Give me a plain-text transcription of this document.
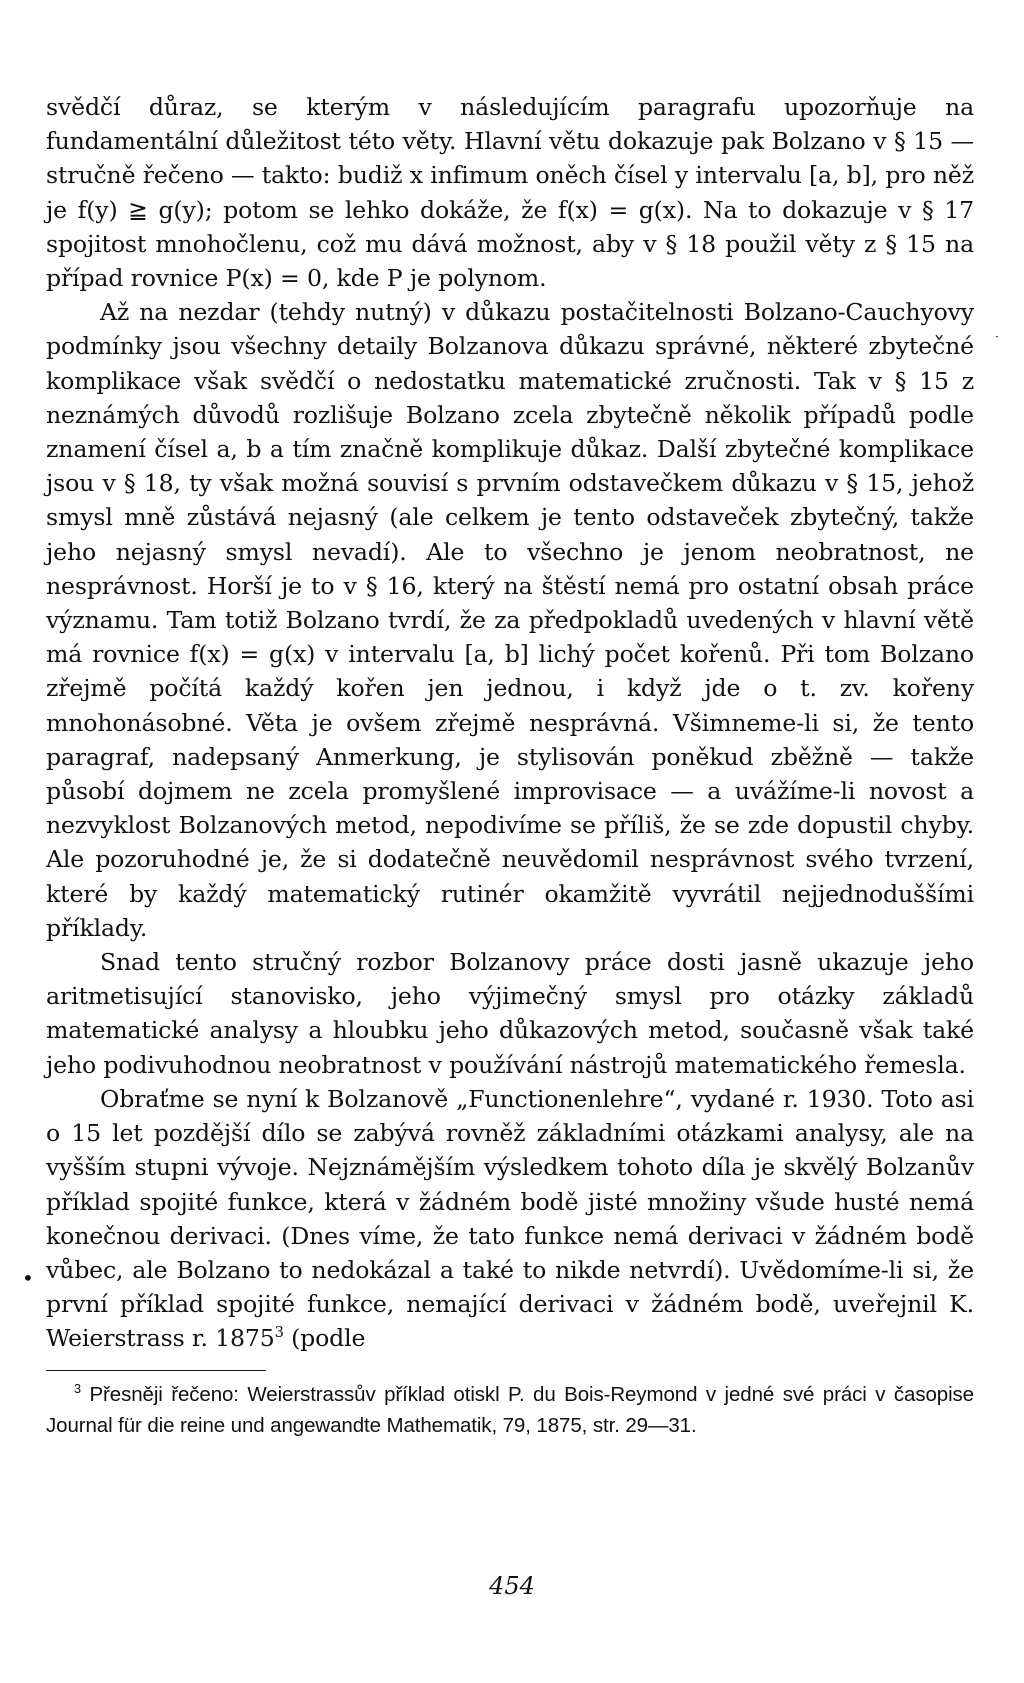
svědčí důraz, se kterým v následujícím paragrafu upozorňuje na fundamentální důležitost této věty. Hlavní větu dokazuje pak Bolzano v § 15 — stručně řečeno — takto: budiž x infimum oněch čísel y intervalu [a, b], pro něž je f(y) ≧ g(y); potom se lehko dokáže, že f(x) = g(x). Na to dokazuje v § 17 spojitost mnohočlenu, což mu dává možnost, aby v § 18 použil věty z § 15 na případ rovnice P(x) = 0, kde P je polynom.

Až na nezdar (tehdy nutný) v důkazu postačitelnosti Bolzano-Cauchyovy podmínky jsou všechny detaily Bolzanova důkazu správné, některé zbytečné komplikace však svědčí o nedostatku matematické zručnosti. Tak v § 15 z neznámých důvodů rozlišuje Bolzano zcela zbytečně několik případů podle znamení čísel a, b a tím značně komplikuje důkaz. Další zbytečné komplikace jsou v § 18, ty však možná souvisí s prvním odstavečkem důkazu v § 15, jehož smysl mně zůstává nejasný (ale celkem je tento odstaveček zbytečný, takže jeho nejasný smysl nevadí). Ale to všechno je jenom neobratnost, ne nesprávnost. Horší je to v § 16, který na štěstí nemá pro ostatní obsah práce významu. Tam totiž Bolzano tvrdí, že za předpokladů uvedených v hlavní větě má rovnice f(x) = g(x) v intervalu [a, b] lichý počet kořenů. Při tom Bolzano zřejmě počítá každý kořen jen jednou, i když jde o t. zv. kořeny mnohonásobné. Věta je ovšem zřejmě nesprávná. Všimneme-li si, že tento paragraf, nadepsaný Anmerkung, je stylisován poněkud zběžně — takže působí dojmem ne zcela promyšlené improvisace — a uvážíme-li novost a nezvyklost Bolzanových metod, nepodivíme se příliš, že se zde dopustil chyby. Ale pozoruhodné je, že si dodatečně neuvědomil nesprávnost svého tvrzení, které by každý matematický rutinér okamžitě vyvrátil nejjednoduššími příklady.

Snad tento stručný rozbor Bolzanovy práce dosti jasně ukazuje jeho aritmetisující stanovisko, jeho výjimečný smysl pro otázky základů matematické analysy a hloubku jeho důkazových metod, současně však také jeho podivuhodnou neobratnost v používání nástrojů matematického řemesla.

Obraťme se nyní k Bolzanově „Functionenlehre“, vydané r. 1930. Toto asi o 15 let pozdější dílo se zabývá rovněž základními otázkami analysy, ale na vyšším stupni vývoje. Nejznámějším výsledkem tohoto díla je skvělý Bolzanův příklad spojité funkce, která v žádném bodě jisté množiny všude husté nemá konečnou derivaci. (Dnes víme, že tato funkce nemá derivaci v žádném bodě vůbec, ale Bolzano to nedokázal a také to nikde netvrdí). Uvědomíme-li si, že první příklad spojité funkce, nemající derivaci v žádném bodě, uveřejnil K. Weierstrass r. 1875$^3$ (podle

$^3$ Přesněji řečeno: Weierstrassův příklad otiskl P. du Bois-Reymond v jedné své práci v časopise Journal für die reine und angewandte Mathematik, 79, 1875, str. 29—31.

•
·
454
